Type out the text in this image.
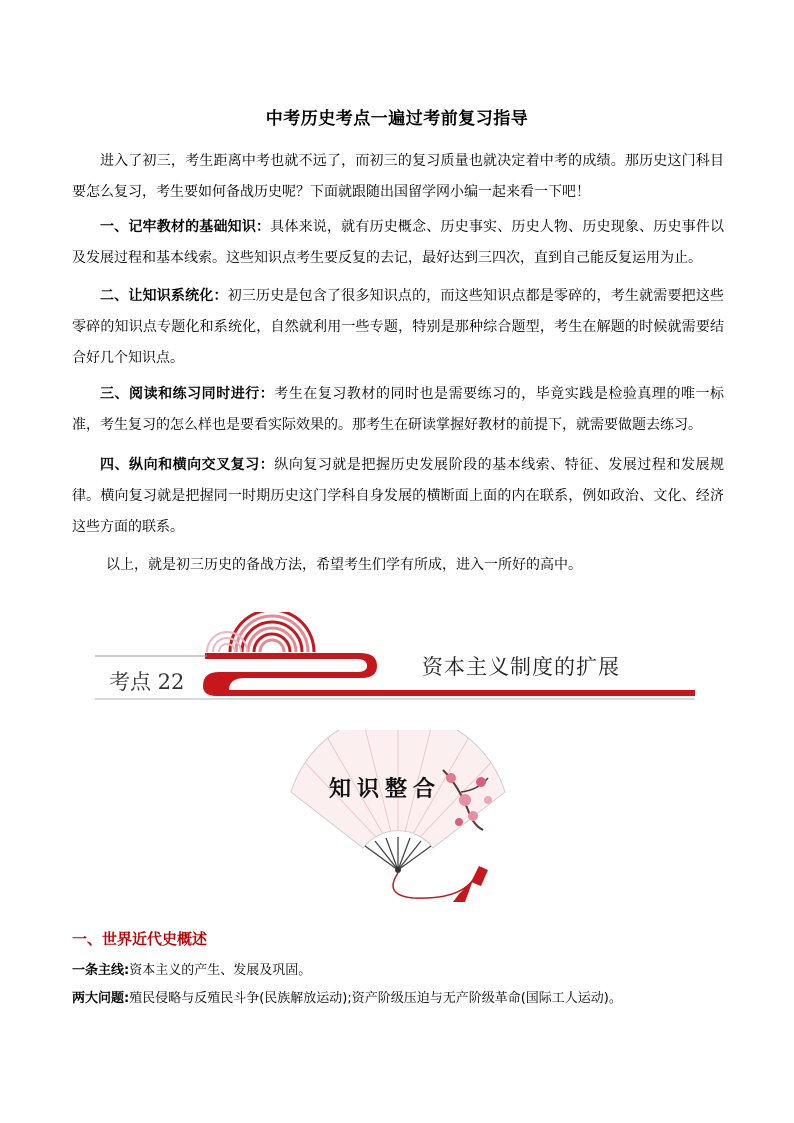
中考历史考点一遍过考前复习指导

进入了初三，考生距离中考也就不远了，而初三的复习质量也就决定着中考的成绩。那历史这门科目要怎么复习，考生要如何备战历史呢？下面就跟随出国留学网小编一起来看一下吧！

一、记牢教材的基础知识：具体来说，就有历史概念、历史事实、历史人物、历史现象、历史事件以及发展过程和基本线索。这些知识点考生要反复的去记，最好达到三四次，直到自己能反复运用为止。

二、让知识系统化：初三历史是包含了很多知识点的，而这些知识点都是零碎的，考生就需要把这些零碎的知识点专题化和系统化，自然就利用一些专题，特别是那种综合题型，考生在解题的时候就需要结合好几个知识点。

三、阅读和练习同时进行：考生在复习教材的同时也是需要练习的，毕竟实践是检验真理的唯一标准，考生复习的怎么样也是要看实际效果的。那考生在研读掌握好教材的前提下，就需要做题去练习。

四、纵向和横向交叉复习：纵向复习就是把握历史发展阶段的基本线索、特征、发展过程和发展规律。横向复习就是把握同一时期历史这门学科自身发展的横断面上面的内在联系，例如政治、文化、经济这些方面的联系。

以上，就是初三历史的备战方法，希望考生们学有所成，进入一所好的高中。

考点 22
资本主义制度的扩展
知识整合
一、世界近代史概述

一条主线:资本主义的产生、发展及巩固。

两大问题:殖民侵略与反殖民斗争(民族解放运动);资产阶级压迫与无产阶级革命(国际工人运动)。
